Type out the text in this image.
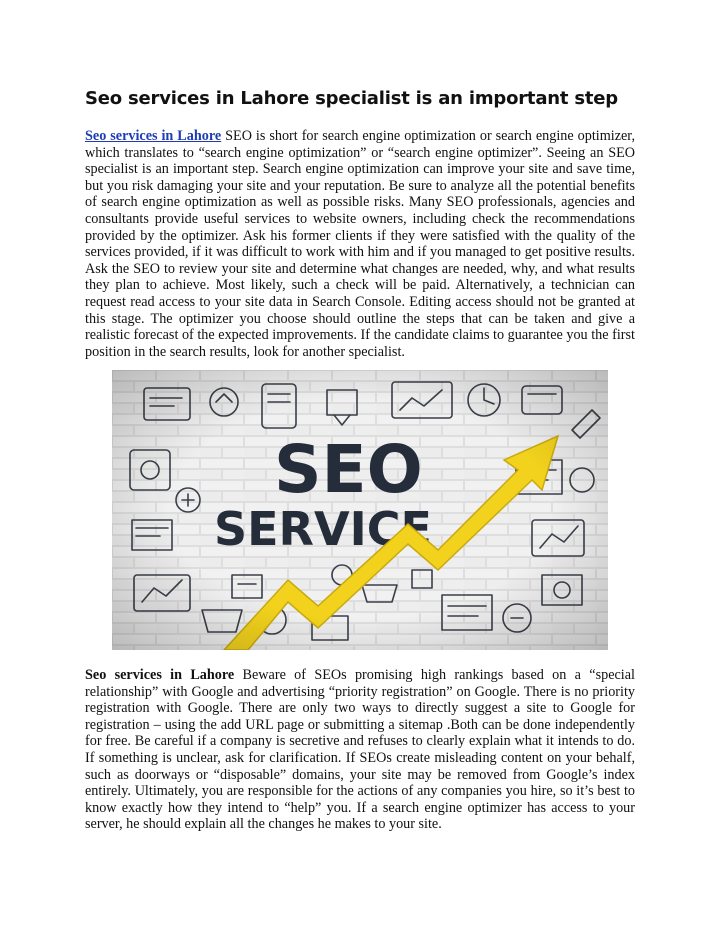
Seo services in Lahore specialist is an important step

Seo services in Lahore SEO is short for search engine optimization or search engine optimizer, which translates to “search engine optimization” or “search engine optimizer”. Seeing an SEO specialist is an important step. Search engine optimization can improve your site and save time, but you risk damaging your site and your reputation. Be sure to analyze all the potential benefits of search engine optimization as well as possible risks. Many SEO professionals, agencies and consultants provide useful services to website owners, including check the recommendations provided by the optimizer. Ask his former clients if they were satisfied with the quality of the services provided, if it was difficult to work with him and if you managed to get positive results. Ask the SEO to review your site and determine what changes are needed, why, and what results they plan to achieve. Most likely, such a check will be paid. Alternatively, a technician can request read access to your site data in Search Console. Editing access should not be granted at this stage. The optimizer you choose should outline the steps that can be taken and give a realistic forecast of the expected improvements. If the candidate claims to guarantee you the first position in the search results, look for another specialist.

Seo services in Lahore Beware of SEOs promising high rankings based on a “special relationship” with Google and advertising “priority registration” on Google. There is no priority registration with Google. There are only two ways to directly suggest a site to Google for registration – using the add URL page or submitting a sitemap .Both can be done independently for free. Be careful if a company is secretive and refuses to clearly explain what it intends to do. If something is unclear, ask for clarification. If SEOs create misleading content on your behalf, such as doorways or “disposable” domains, your site may be removed from Google’s index entirely. Ultimately, you are responsible for the actions of any companies you hire, so it’s best to know exactly how they intend to “help” you. If a search engine optimizer has access to your server, he should explain all the changes he makes to your site.
